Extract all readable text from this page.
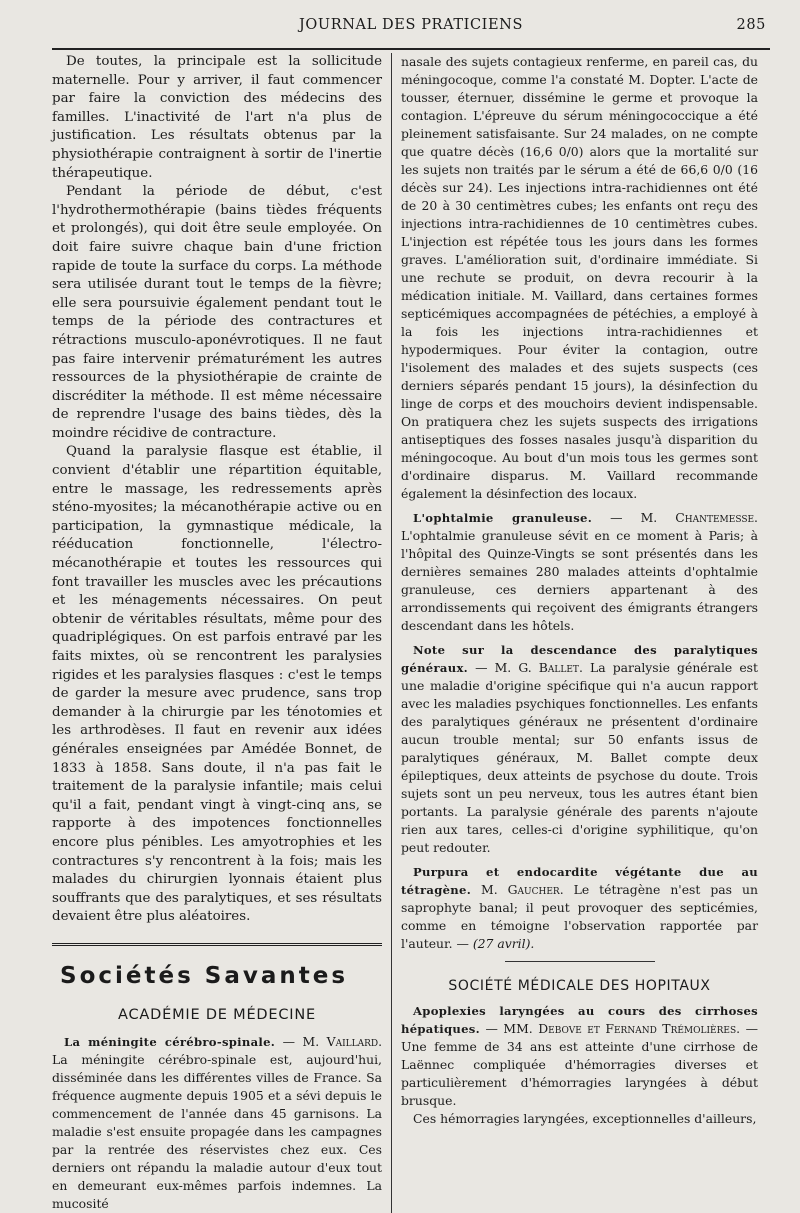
JOURNAL DES PRATICIENS	285

De toutes, la principale est la sollicitude maternelle. Pour y arriver, il faut commencer par faire la conviction des médecins des familles. L'inactivité de l'art n'a plus de justification. Les résultats obtenus par la physiothérapie contraignent à sortir de l'inertie thérapeutique.

Pendant la période de début, c'est l'hydrothermothérapie (bains tièdes fréquents et prolongés), qui doit être seule employée. On doit faire suivre chaque bain d'une friction rapide de toute la surface du corps. La méthode sera utilisée durant tout le temps de la fièvre; elle sera poursuivie également pendant tout le temps de la période des contractures et rétractions musculo-aponévrotiques. Il ne faut pas faire intervenir prématurément les autres ressources de la physiothérapie de crainte de discréditer la méthode. Il est même nécessaire de reprendre l'usage des bains tièdes, dès la moindre récidive de contracture.

Quand la paralysie flasque est établie, il convient d'établir une répartition équitable, entre le massage, les redressements après sténo-myosites; la mécanothérapie active ou en participation, la gymnastique médicale, la rééducation fonctionnelle, l'électro-mécanothérapie et toutes les ressources qui font travailler les muscles avec les précautions et les ménagements nécessaires. On peut obtenir de véritables résultats, même pour des quadriplégiques. On est parfois entravé par les faits mixtes, où se rencontrent les paralysies rigides et les paralysies flasques : c'est le temps de garder la mesure avec prudence, sans trop demander à la chirurgie par les ténotomies et les arthrodèses. Il faut en revenir aux idées générales enseignées par Amédée Bonnet, de 1833 à 1858. Sans doute, il n'a pas fait le traitement de la paralysie infantile; mais celui qu'il a fait, pendant vingt à vingt-cinq ans, se rapporte à des impotences fonctionnelles encore plus pénibles. Les amyotrophies et les contractures s'y rencontrent à la fois; mais les malades du chirurgien lyonnais étaient plus souffrants que des paralytiques, et ses résultats devaient être plus aléatoires.

Sociétés Savantes
ACADÉMIE DE MÉDECINE

La méningite cérébro-spinale. — M. Vaillard. La méningite cérébro-spinale est, aujourd'hui, disséminée dans les différentes villes de France. Sa fréquence augmente depuis 1905 et a sévi depuis le commencement de l'année dans 45 garnisons. La maladie s'est ensuite propagée dans les campagnes par la rentrée des réservistes chez eux. Ces derniers ont répandu la maladie autour d'eux tout en demeurant eux-mêmes parfois indemnes. La mucosité

nasale des sujets contagieux renferme, en pareil cas, du méningocoque, comme l'a constaté M. Dopter. L'acte de tousser, éternuer, dissémine le germe et provoque la contagion. L'épreuve du sérum méningococcique a été pleinement satisfaisante. Sur 24 malades, on ne compte que quatre décès (16,6 0/0) alors que la mortalité sur les sujets non traités par le sérum a été de 66,6 0/0 (16 décès sur 24). Les injections intra-rachidiennes ont été de 20 à 30 centimètres cubes; les enfants ont reçu des injections intra-rachidiennes de 10 centimètres cubes. L'injection est répétée tous les jours dans les formes graves. L'amélioration suit, d'ordinaire immédiate. Si une rechute se produit, on devra recourir à la médication initiale. M. Vaillard, dans certaines formes septicémiques accompagnées de pétéchies, a employé à la fois les injections intra-rachidiennes et hypodermiques. Pour éviter la contagion, outre l'isolement des malades et des sujets suspects (ces derniers séparés pendant 15 jours), la désinfection du linge de corps et des mouchoirs devient indispensable. On pratiquera chez les sujets suspects des irrigations antiseptiques des fosses nasales jusqu'à disparition du méningocoque. Au bout d'un mois tous les germes sont d'ordinaire disparus. M. Vaillard recommande également la désinfection des locaux.

L'ophtalmie granuleuse. — M. Chantemesse. L'ophtalmie granuleuse sévit en ce moment à Paris; à l'hôpital des Quinze-Vingts se sont présentés dans les dernières semaines 280 malades atteints d'ophtalmie granuleuse, ces derniers appartenant à des arrondissements qui reçoivent des émigrants étrangers descendant dans les hôtels.

Note sur la descendance des paralytiques généraux. — M. G. Ballet. La paralysie générale est une maladie d'origine spécifique qui n'a aucun rapport avec les maladies psychiques fonctionnelles. Les enfants des paralytiques généraux ne présentent d'ordinaire aucun trouble mental; sur 50 enfants issus de paralytiques généraux, M. Ballet compte deux épileptiques, deux atteints de psychose du doute. Trois sujets sont un peu nerveux, tous les autres étant bien portants. La paralysie générale des parents n'ajoute rien aux tares, celles-ci d'origine syphilitique, qu'on peut redouter.

Purpura et endocardite végétante due au tétragène. M. Gaucher. Le tétragène n'est pas un saprophyte banal; il peut provoquer des septicémies, comme en témoigne l'observation rapportée par l'auteur. — (27 avril).

SOCIÉTÉ MÉDICALE DES HOPITAUX

Apoplexies laryngées au cours des cirrhoses hépatiques. — MM. Debove et Fernand Trémolières. — Une femme de 34 ans est atteinte d'une cirrhose de Laënnec compliquée d'hémorragies diverses et particulièrement d'hémorragies laryngées à début brusque.

Ces hémorragies laryngées, exceptionnelles d'ailleurs,
